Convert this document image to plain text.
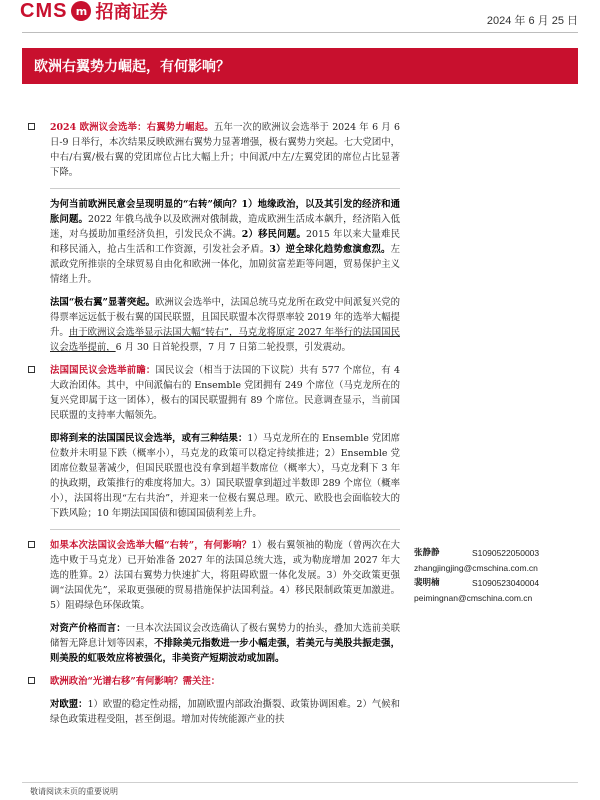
CMS m 招商证券	2024 年 6 月 25 日
欧洲右翼势力崛起，有何影响？

2024 欧洲议会选举：右翼势力崛起。五年一次的欧洲议会选举于 2024 年 6 月 6 日-9 日举行，本次结果反映欧洲右翼势力显著增强，极右翼势力突起。七大党团中，中右/右翼/极右翼的党团席位占比大幅上升；中间派/中左/左翼党团的席位占比显著下降。

为何当前欧洲民意会呈现明显的“右转”倾向？1）地缘政治，以及其引发的经济和通胀问题。2022 年俄乌战争以及欧洲对俄制裁，造成欧洲生活成本飙升，经济陷入低迷，对乌援助加重经济负担，引发民众不满。2）移民问题。2015 年以来大量难民和移民涌入，抢占生活和工作资源，引发社会矛盾。3）逆全球化趋势愈演愈烈。左派政党所推崇的全球贸易自由化和欧洲一体化，加剧贫富差距等问题，贸易保护主义情绪上升。

法国“极右翼”显著突起。欧洲议会选举中，法国总统马克龙所在政党中间派复兴党的得票率远远低于极右翼的国民联盟，且国民联盟本次得票率较 2019 年的选举大幅提升。由于欧洲议会选举显示法国大幅“转右”，马克龙将原定 2027 年举行的法国国民议会选举提前，6 月 30 日首轮投票，7 月 7 日第二轮投票，引发震动。

法国国民议会选举前瞻：国民议会（相当于法国的下议院）共有 577 个席位，有 4 大政治团体。其中，中间派偏右的 Ensemble 党团拥有 249 个席位（马克龙所在的复兴党即属于这一团体），极右的国民联盟拥有 89 个席位。民意调查显示，当前国民联盟的支持率大幅领先。

即将到来的法国国民议会选举，或有三种结果：1）马克龙所在的 Ensemble 党团席位数并未明显下跌（概率小），马克龙的政策可以稳定持续推进；2）Ensemble 党团席位数显著减少，但国民联盟也没有拿到超半数席位（概率大），马克龙剩下 3 年的执政期，政策推行的难度将加大。3）国民联盟拿到超过半数即 289 个席位（概率小），法国将出现“左右共治”，并迎来一位极右翼总理。欧元、欧股也会面临较大的下跌风险；10 年期法国国债和德国国债利差上升。

如果本次法国议会选举大幅“右转”，有何影响？1）极右翼领袖的勒庞（曾两次在大选中败于马克龙）已开始准备 2027 年的法国总统大选，或为勒庞增加 2027 年大选的胜算。2）法国右翼势力快速扩大，将阻碍欧盟一体化发展。3）外交政策更强调“法国优先”，采取更强硬的贸易措施保护法国利益。4）移民限制政策更加激进。5）阻碍绿色环保政策。

对资产价格而言：一旦本次法国议会改选确认了极右翼势力的抬头，叠加大选前美联储暂无降息计划等因素，不排除美元指数进一步小幅走强，若美元与美股共振走强，则美股的虹吸效应将被强化，非美资产短期波动或加剧。

欧洲政治“光谱右移”有何影响？需关注：

对欧盟：1）欧盟的稳定性动摇，加剧欧盟内部政治撕裂、政策协调困难。2）气候和绿色政策进程受阻，甚至倒退。增加对传统能源产业的扶

张静静	S1090522050003
zhangjingjing@cmschina.com.cn
裴明楠	S1090523040004
peimingnan@cmschina.com.cn
敬请阅读末页的重要说明
